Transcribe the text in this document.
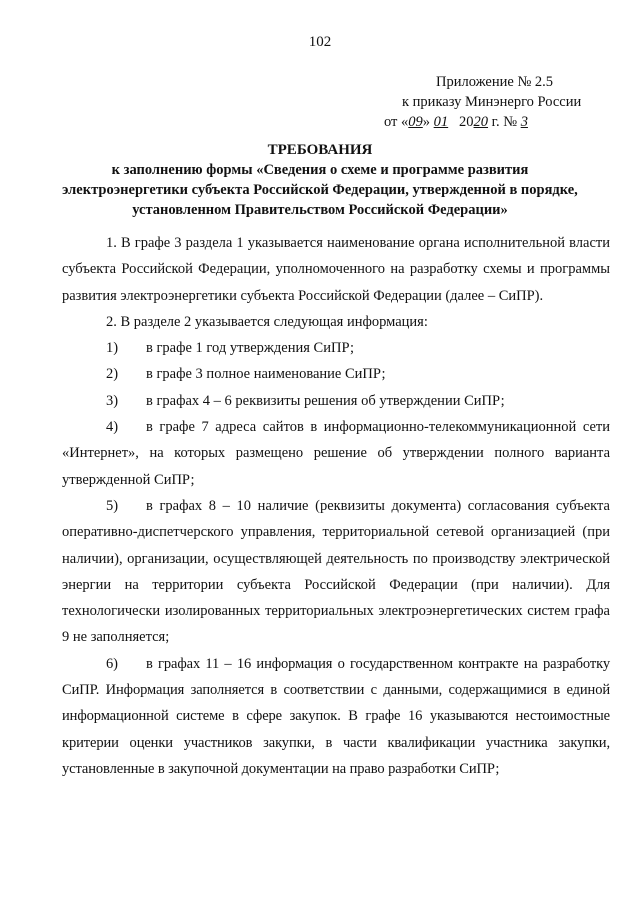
102
Приложение № 2.5
к приказу Минэнерго России
от «09» 01   2020 г. № 3
ТРЕБОВАНИЯ
к заполнению формы «Сведения о схеме и программе развития
электроэнергетики субъекта Российской Федерации, утвержденной в порядке,
установленном Правительством Российской Федерации»

1. В графе 3 раздела 1 указывается наименование органа исполнительной власти субъекта Российской Федерации, уполномоченного на разработку схемы и программы развития электроэнергетики субъекта Российской Федерации (далее – СиПР).

2. В разделе 2 указывается следующая информация:

1) в графе 1 год утверждения СиПР;

2) в графе 3 полное наименование СиПР;

3) в графах 4 – 6 реквизиты решения об утверждении СиПР;

4) в графе 7 адреса сайтов в информационно-телекоммуникационной сети «Интернет», на которых размещено решение об утверждении полного варианта утвержденной СиПР;

5) в графах 8 – 10 наличие (реквизиты документа) согласования субъекта оперативно-диспетчерского управления, территориальной сетевой организацией (при наличии), организации, осуществляющей деятельность по производству электрической энергии на территории субъекта Российской Федерации (при наличии). Для технологически изолированных территориальных электроэнергетических систем графа 9 не заполняется;

6) в графах 11 – 16 информация о государственном контракте на разработку СиПР. Информация заполняется в соответствии с данными, содержащимися в единой информационной системе в сфере закупок. В графе 16 указываются нестоимостные критерии оценки участников закупки, в части квалификации участника закупки, установленные в закупочной документации на право разработки СиПР;
